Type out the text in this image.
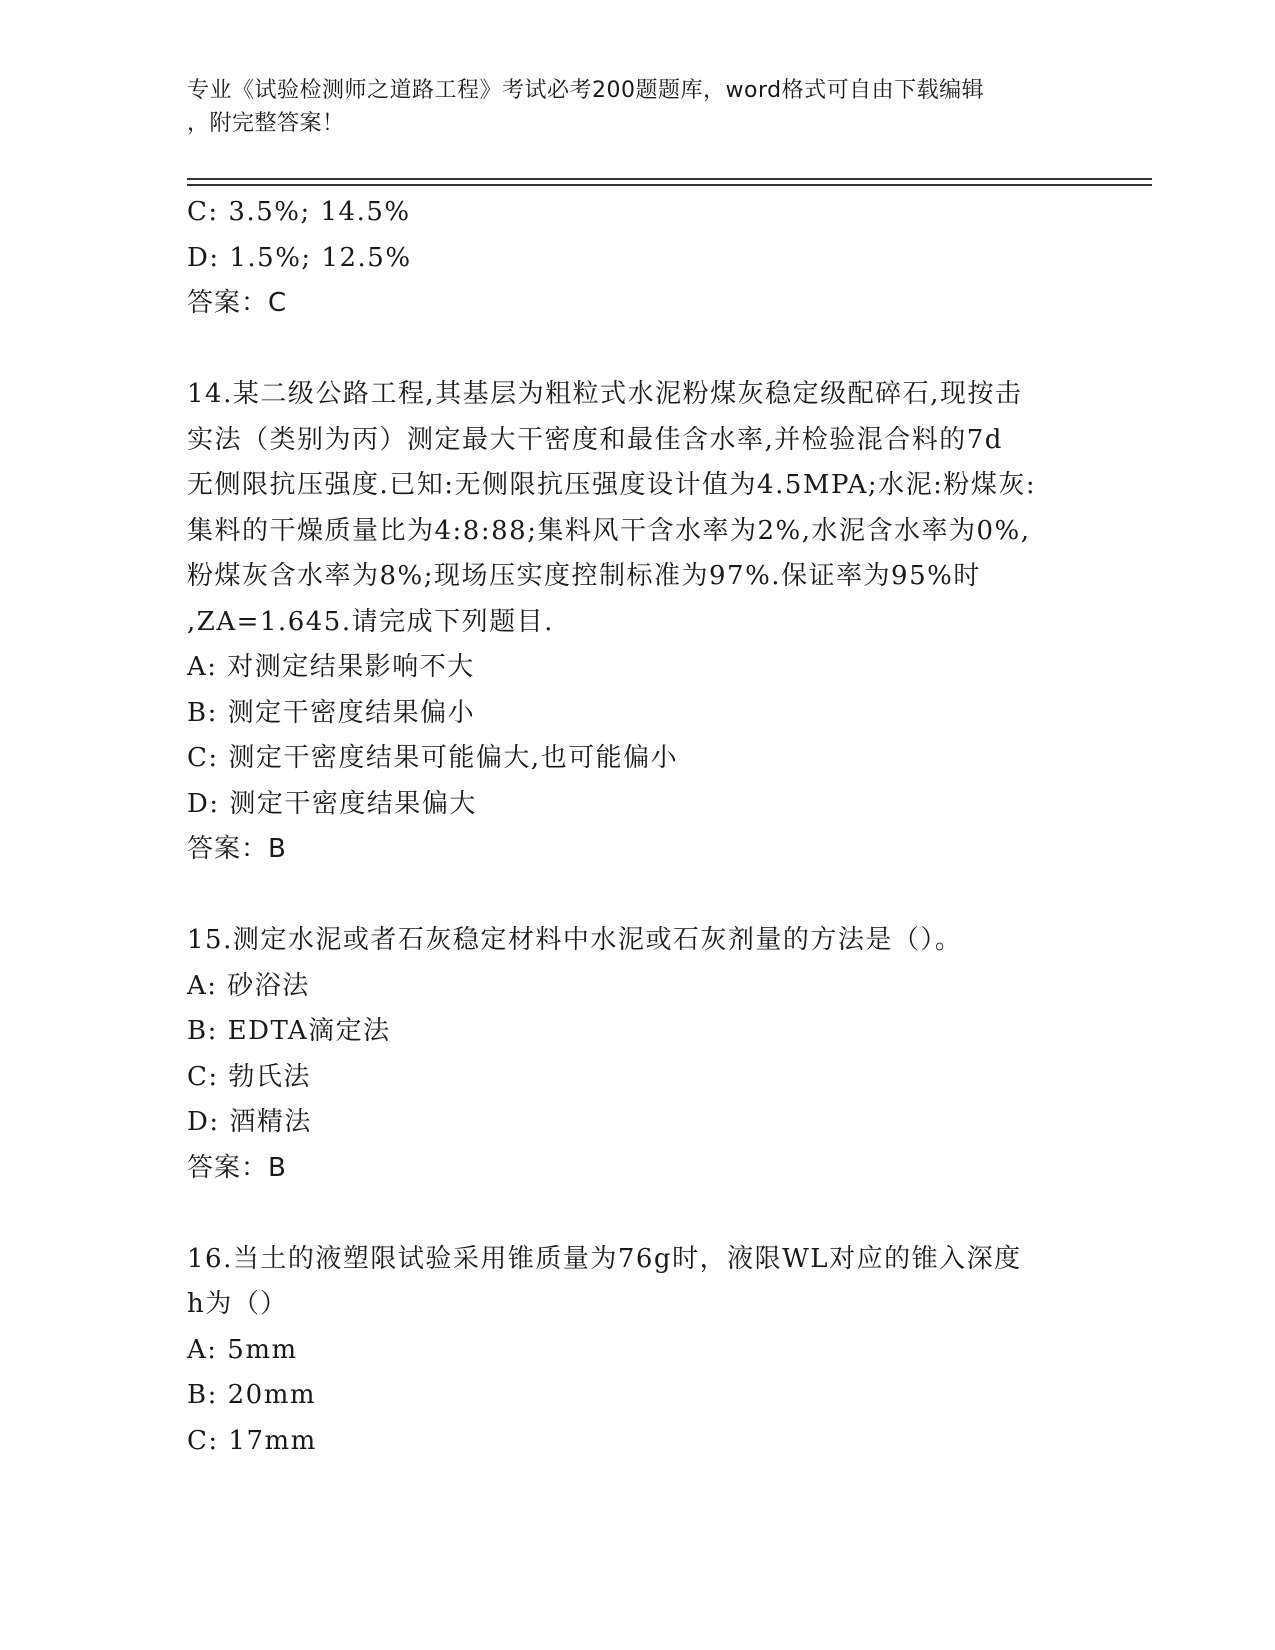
专业《试验检测师之道路工程》考试必考200题题库，word格式可自由下载编辑
，附完整答案！
C: 3.5%; 14.5%
D: 1.5%; 12.5%
答案：C
14.某二级公路工程,其基层为粗粒式水泥粉煤灰稳定级配碎石,现按击
实法（类别为丙）测定最大干密度和最佳含水率,并检验混合料的7d
无侧限抗压强度.已知:无侧限抗压强度设计值为4.5MPA;水泥:粉煤灰:
集料的干燥质量比为4:8:88;集料风干含水率为2%,水泥含水率为0%,
粉煤灰含水率为8%;现场压实度控制标准为97%.保证率为95%时
,ZA=1.645.请完成下列题目.
A: 对测定结果影响不大
B: 测定干密度结果偏小
C: 测定干密度结果可能偏大,也可能偏小
D: 测定干密度结果偏大
答案：B
15.测定水泥或者石灰稳定材料中水泥或石灰剂量的方法是（）。
A: 砂浴法
B: EDTA滴定法
C: 勃氏法
D: 酒精法
答案：B
16.当土的液塑限试验采用锥质量为76g时，液限WL对应的锥入深度
h为（）
A: 5mm
B: 20mm
C: 17mm
